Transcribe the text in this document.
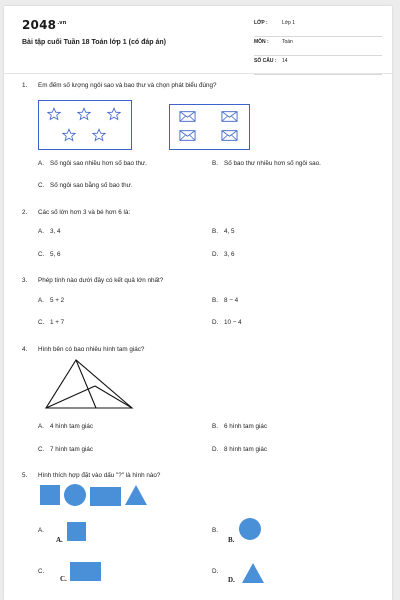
$2048^{.vn}$
Bài tập cuối Tuần 18 Toán lớp 1 (có đáp án)
LỚP :	Lớp 1
MÔN :	Toán
SỐ CÂU :	14
1. Em đếm số lượng ngôi sao và bao thư và chọn phát biểu đúng?
A. Số ngôi sao nhiều hơn số bao thư.	B. Số bao thư nhiều hơn số ngôi sao.
C. Số ngôi sao bằng số bao thư.
2. Các số lớn hơn 3 và bé hơn 6 là:
A. 3, 4	B. 4, 5
C. 5, 6	D. 3, 6
3. Phép tính nào dưới đây có kết quả lớn nhất?
A. 5 + 2	B. 8 − 4
C. 1 + 7	D. 10 − 4
4. Hình bên có bao nhiêu hình tam giác?
A. 4 hình tam giác	B. 6 hình tam giác
C. 7 hình tam giác	D. 8 hình tam giác
5. Hình thích hợp đặt vào dấu "?" là hình nào?
A.
A.
B.
B.
C.
C.
D.
D.
